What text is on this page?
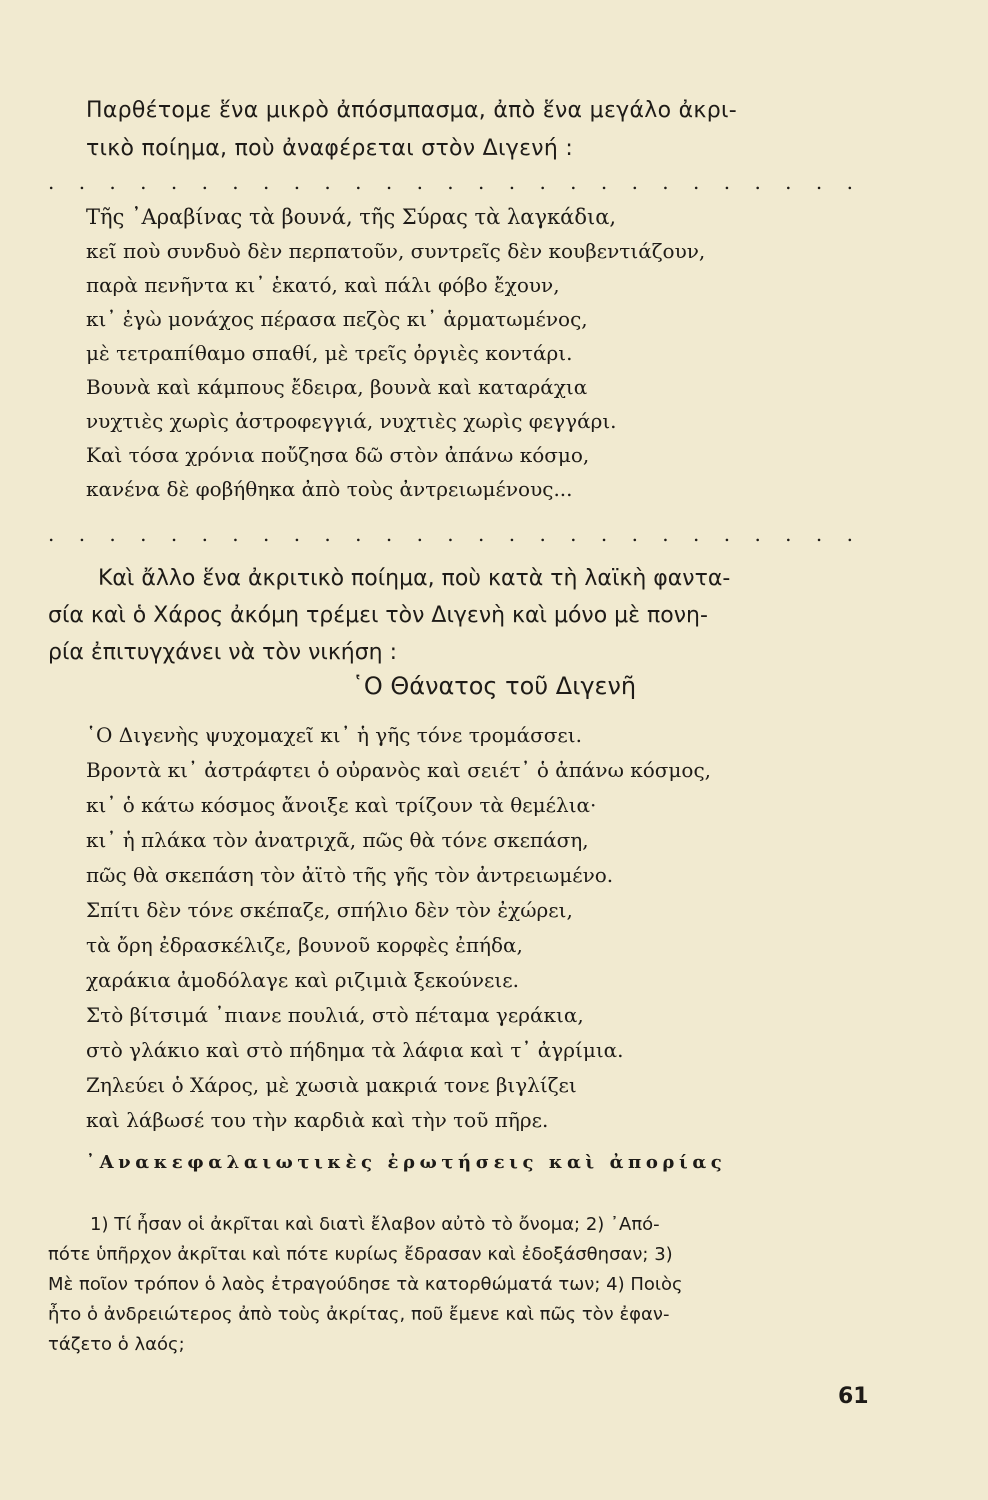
Παρθέτομε ἕνα μικρὸ ἀπόσμπασμα, ἀπὸ ἕνα μεγάλο ἀκρι-
τικὸ ποίημα, ποὺ ἀναφέρεται στὸν Διγενή :
. . . . . . . . . . . . . . . . . . . . . . . . . . .
Τῆς ᾿Αραβίνας τὰ βουνά, τῆς Σύρας τὰ λαγκάδια,
κεῖ ποὺ συνδυὸ δὲν περπατοῦν, συντρεῖς δὲν κουβεντιάζουν,
παρὰ πενῆντα κι᾿ ἑκατό, καὶ πάλι φόβο ἔχουν,
κι᾿ ἐγὼ μονάχος πέρασα πεζὸς κι᾿ ἁρματωμένος,
μὲ τετραπίθαμο σπαθί, μὲ τρεῖς ὀργιὲς κοντάρι.
Βουνὰ καὶ κάμπους ἔδειρα, βουνὰ καὶ καταράχια
νυχτιὲς χωρὶς ἀστροφεγγιά, νυχτιὲς χωρὶς φεγγάρι.
Καὶ τόσα χρόνια ποὔζησα δῶ στὸν ἀπάνω κόσμο,
κανένα δὲ φοβήθηκα ἀπὸ τοὺς ἀντρειωμένους...
. . . . . . . . . . . . . . . . . . . . . . . . . . .
Καὶ ἄλλο ἕνα ἀκριτικὸ ποίημα, ποὺ κατὰ τὴ λαϊκὴ φαντα-
σία καὶ ὁ Χάρος ἀκόμη τρέμει τὸν Διγενὴ καὶ μόνο μὲ πονη-
ρία ἐπιτυγχάνει νὰ τὸν νικήση :
῾Ο Θάνατος τοῦ Διγενῆ
῾Ο Διγενὴς ψυχομαχεῖ κι᾿ ἡ γῆς τόνε τρομάσσει.
Βροντὰ κι᾿ ἀστράφτει ὁ οὐρανὸς καὶ σειέτ᾿ ὁ ἀπάνω κόσμος,
κι᾿ ὁ κάτω κόσμος ἄνοιξε καὶ τρίζουν τὰ θεμέλια·
κι᾿ ἡ πλάκα τὸν ἀνατριχᾶ, πῶς θὰ τόνε σκεπάση,
πῶς θὰ σκεπάση τὸν ἀϊτὸ τῆς γῆς τὸν ἀντρειωμένο.
Σπίτι δὲν τόνε σκέπαζε, σπήλιο δὲν τὸν ἐχώρει,
τὰ ὄρη ἐδρασκέλιζε, βουνοῦ κορφὲς ἐπήδα,
χαράκια ἀμοδόλαγε καὶ ριζιμιὰ ξεκούνειε.
Στὸ βίτσιμά ᾿πιανε πουλιά, στὸ πέταμα γεράκια,
στὸ γλάκιο καὶ στὸ πήδημα τὰ λάφια καὶ τ᾿ ἀγρίμια.
Ζηλεύει ὁ Χάρος, μὲ χωσιὰ μακριά τονε βιγλίζει
καὶ λάβωσέ του τὴν καρδιὰ καὶ τὴν τοῦ πῆρε.
᾿Ανακεφαλαιωτικὲς ἐρωτήσεις καὶ ἀπορίας
1) Τί ἦσαν οἱ ἀκρῖται καὶ διατὶ ἔλαβον αὐτὸ τὸ ὄνομα; 2) ᾿Από-
πότε ὑπῆρχον ἀκρῖται καὶ πότε κυρίως ἔδρασαν καὶ ἐδοξάσθησαν; 3)
Μὲ ποῖον τρόπον ὁ λαὸς ἐτραγούδησε τὰ κατορθώματά των; 4) Ποιὸς
ἦτο ὁ ἀνδρειώτερος ἀπὸ τοὺς ἀκρίτας, ποῦ ἔμενε καὶ πῶς τὸν ἐφαν-
τάζετο ὁ λαός;
61
